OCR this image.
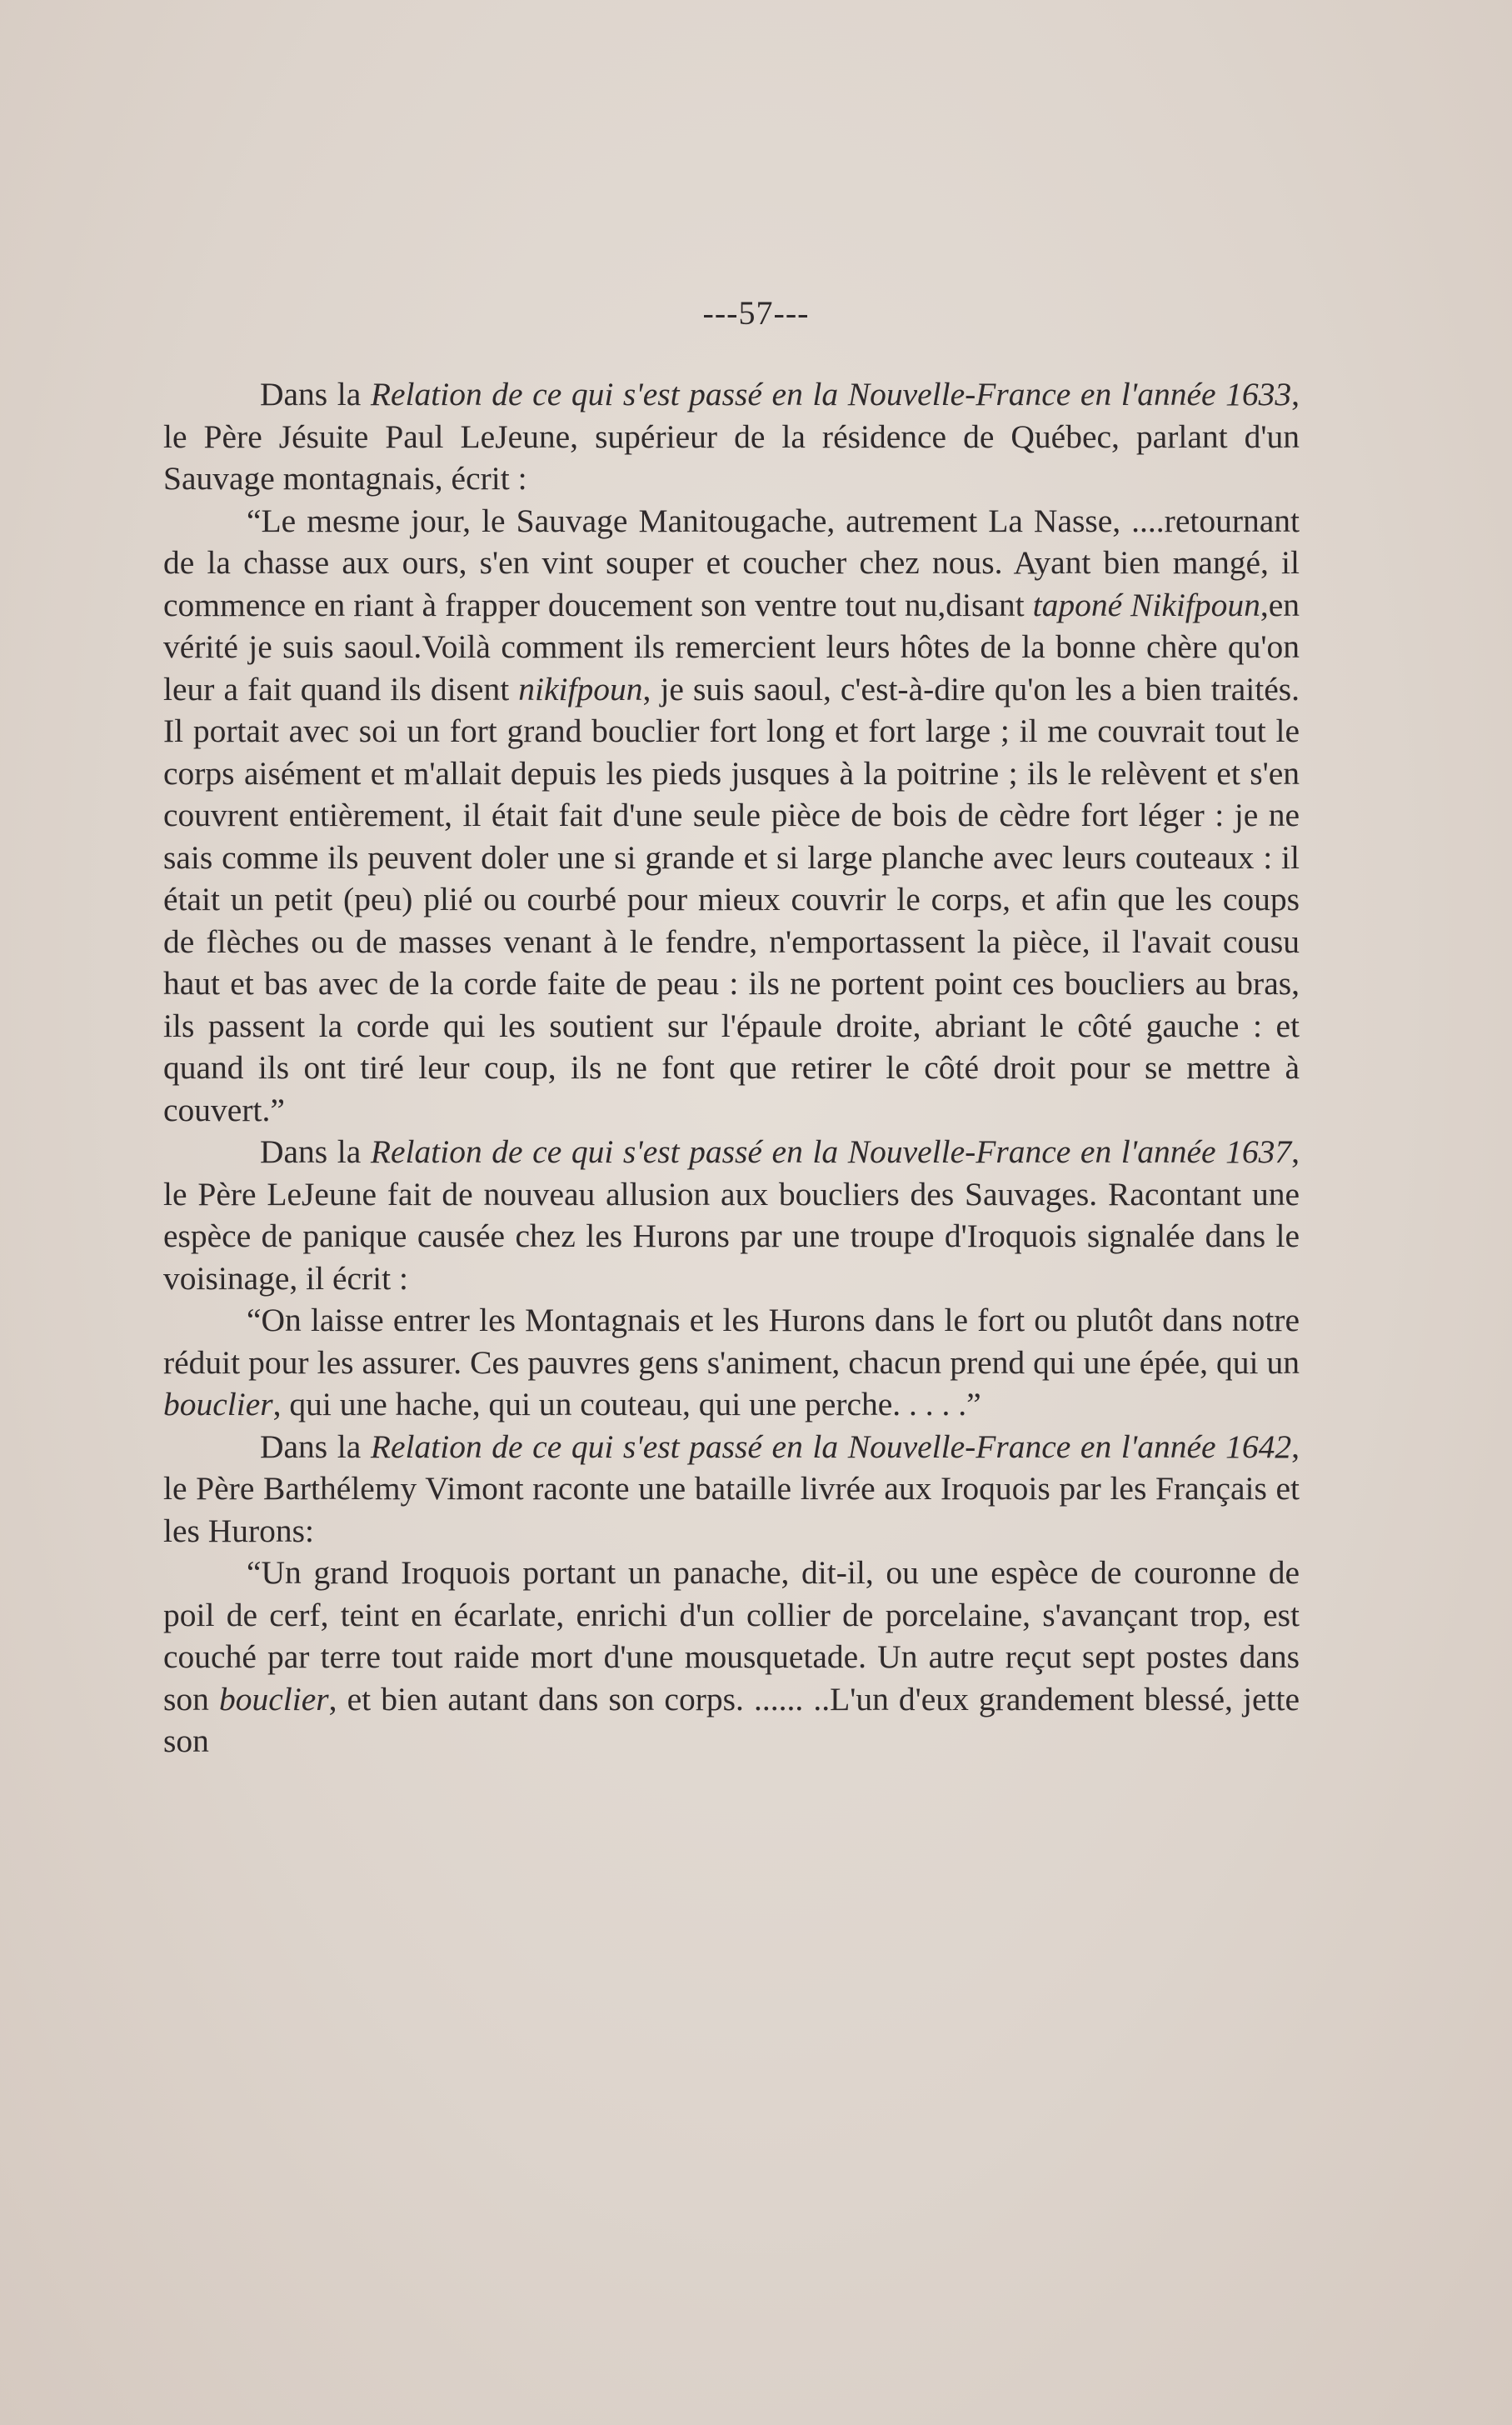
---57---

Dans la Relation de ce qui s'est passé en la Nouvelle-France en l'année 1633, le Père Jésuite Paul LeJeune, supérieur de la résidence de Québec, parlant d'un Sauvage montagnais, écrit :

“Le mesme jour, le Sauvage Manitougache, autrement La Nasse, ....retournant de la chasse aux ours, s'en vint souper et coucher chez nous. Ayant bien mangé, il commence en riant à frapper doucement son ventre tout nu,disant taponé Nikifpoun,en vérité je suis saoul.Voilà comment ils remercient leurs hôtes de la bonne chère qu'on leur a fait quand ils disent nikifpoun, je suis saoul, c'est-à-dire qu'on les a bien traités. Il portait avec soi un fort grand bouclier fort long et fort large ; il me couvrait tout le corps aisément et m'allait depuis les pieds jusques à la poitrine ; ils le relèvent et s'en couvrent entièrement, il était fait d'une seule pièce de bois de cèdre fort léger : je ne sais comme ils peuvent doler une si grande et si large planche avec leurs couteaux : il était un petit (peu) plié ou courbé pour mieux couvrir le corps, et afin que les coups de flèches ou de masses venant à le fendre, n'emportassent la pièce, il l'avait cousu haut et bas avec de la corde faite de peau : ils ne portent point ces boucliers au bras, ils passent la corde qui les soutient sur l'épaule droite, abriant le côté gauche : et quand ils ont tiré leur coup, ils ne font que retirer le côté droit pour se mettre à couvert.”

Dans la Relation de ce qui s'est passé en la Nouvelle-France en l'année 1637, le Père LeJeune fait de nouveau allusion aux boucliers des Sauvages. Racontant une espèce de panique causée chez les Hurons par une troupe d'Iroquois signalée dans le voisinage, il écrit :

“On laisse entrer les Montagnais et les Hurons dans le fort ou plutôt dans notre réduit pour les assurer. Ces pauvres gens s'animent, chacun prend qui une épée, qui un bouclier, qui une hache, qui un couteau, qui une perche. . . . .”

Dans la Relation de ce qui s'est passé en la Nouvelle-France en l'année 1642, le Père Barthélemy Vimont raconte une bataille livrée aux Iroquois par les Français et les Hurons:

“Un grand Iroquois portant un panache, dit-il, ou une espèce de couronne de poil de cerf, teint en écarlate, enrichi d'un collier de porcelaine, s'avançant trop, est couché par terre tout raide mort d'une mousquetade. Un autre reçut sept postes dans son bouclier, et bien autant dans son corps. ...... ..L'un d'eux grandement blessé, jette son
